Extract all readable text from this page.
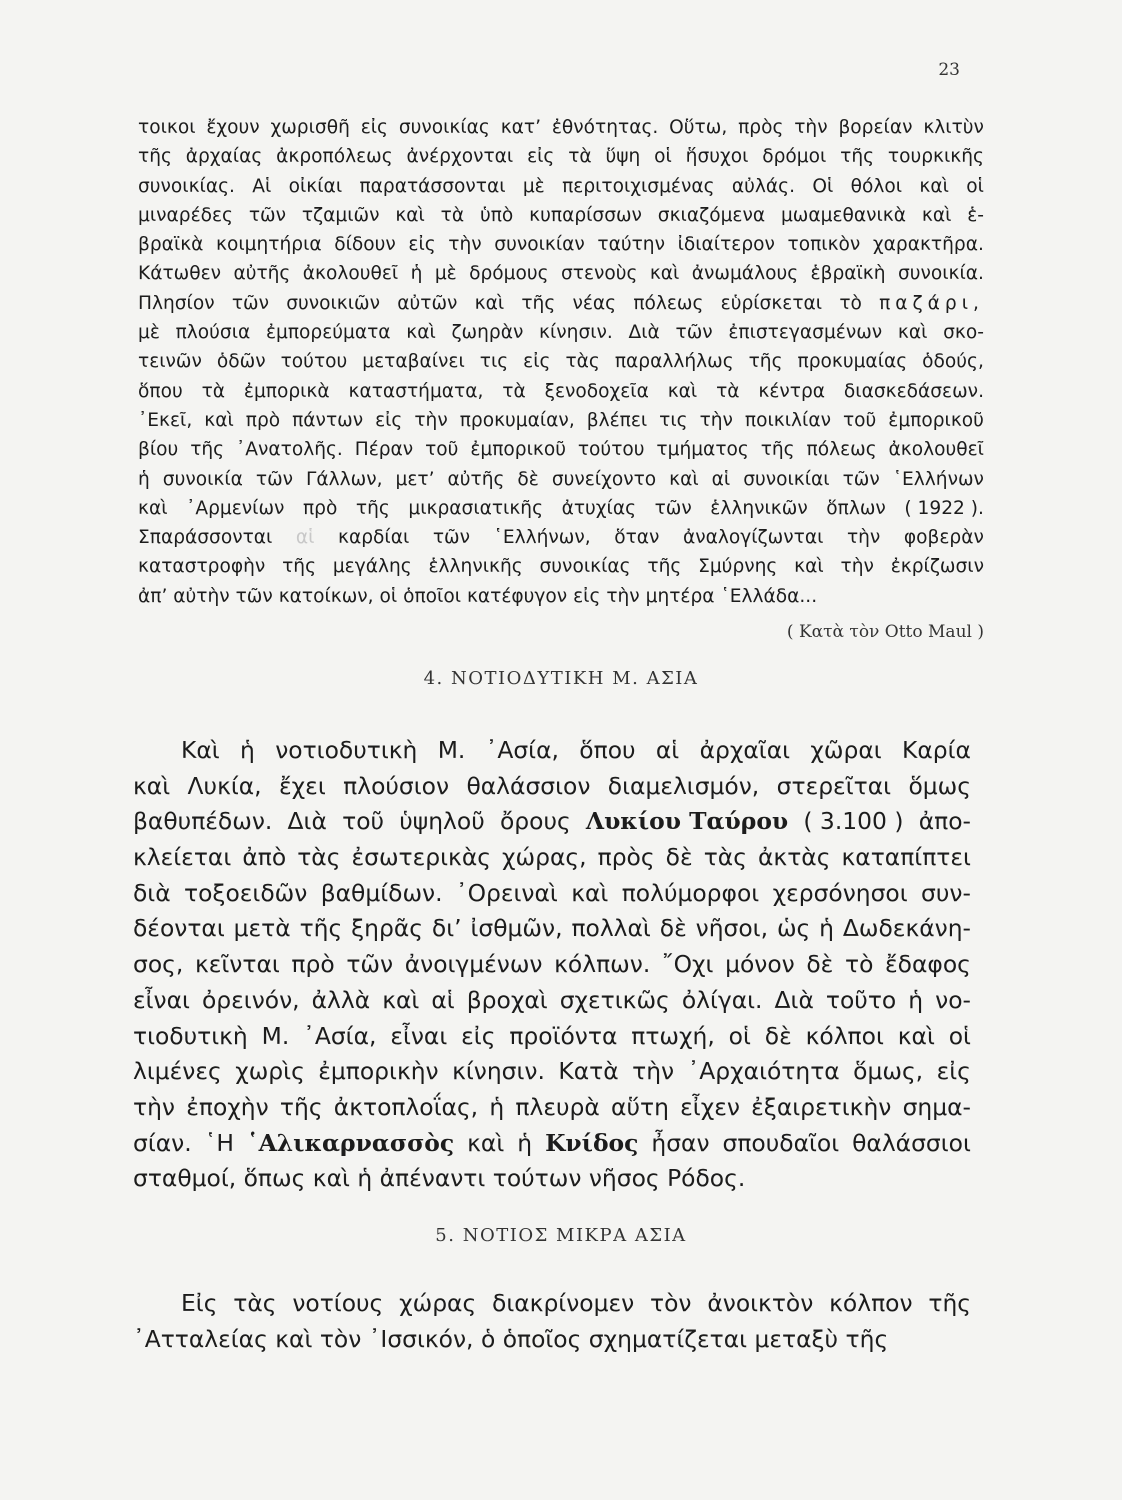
23
τοικοι ἔχουν χωρισθῆ εἰς συνοικίας κατ’ ἐθνότητας. Οὕτω, πρὸς τὴν βορείαν κλιτὺν
τῆς ἀρχαίας ἀκροπόλεως ἀνέρχονται εἰς τὰ ὕψη οἱ ἥσυχοι δρόμοι τῆς τουρκικῆς
συνοικίας. Αἱ οἰκίαι παρατάσσονται μὲ περιτοιχισμένας αὐλάς. Οἱ θόλοι καὶ οἱ
μιναρέδες τῶν τζαμιῶν καὶ τὰ ὑπὸ κυπαρίσσων σκιαζόμενα μωαμεθανικὰ καὶ ἑ-
βραϊκὰ κοιμητήρια δίδουν εἰς τὴν συνοικίαν ταύτην ἰδιαίτερον τοπικὸν χαρακτῆρα.
Κάτωθεν αὐτῆς ἀκολουθεῖ ἡ μὲ δρόμους στενοὺς καὶ ἀνωμάλους ἑβραϊκὴ συνοικία.
Πλησίον τῶν συνοικιῶν αὐτῶν καὶ τῆς νέας πόλεως εὑρίσκεται τὸ παζάρι,
μὲ πλούσια ἐμπορεύματα καὶ ζωηρὰν κίνησιν. Διὰ τῶν ἐπιστεγασμένων καὶ σκο-
τεινῶν ὁδῶν τούτου μεταβαίνει τις εἰς τὰς παραλλήλως τῆς προκυμαίας ὁδούς,
ὅπου τὰ ἐμπορικὰ καταστήματα, τὰ ξενοδοχεῖα καὶ τὰ κέντρα διασκεδάσεων.
᾿Εκεῖ, καὶ πρὸ πάντων εἰς τὴν προκυμαίαν, βλέπει τις τὴν ποικιλίαν τοῦ ἐμπορικοῦ
βίου τῆς ᾿Ανατολῆς. Πέραν τοῦ ἐμπορικοῦ τούτου τμήματος τῆς πόλεως ἀκολουθεῖ
ἡ συνοικία τῶν Γάλλων, μετ’ αὐτῆς δὲ συνείχοντο καὶ αἱ συνοικίαι τῶν ῾Ελλήνων
καὶ ᾿Αρμενίων πρὸ τῆς μικρασιατικῆς ἀτυχίας τῶν ἑλληνικῶν ὅπλων ( 1922 ).
Σπαράσσονται αἱ καρδίαι τῶν ῾Ελλήνων, ὅταν ἀναλογίζωνται τὴν φοβερὰν
καταστροφὴν τῆς μεγάλης ἑλληνικῆς συνοικίας τῆς Σμύρνης καὶ τὴν ἐκρίζωσιν
ἀπ’
αὐτὴν
τῶν
κατοίκων,
οἱ
ὁποῖοι
κατέφυγον
εἰς
τὴν
μητέρα
῾Ελλάδα...
( Κατὰ τὸν Otto Maul )
4. ΝΟΤΙΟΔΥΤΙΚΗ Μ. ΑΣΙΑ
Καὶ ἡ νοτιοδυτικὴ Μ. ᾿Ασία, ὅπου αἱ ἀρχαῖαι χῶραι Καρία
καὶ Λυκία, ἔχει πλούσιον θαλάσσιον διαμελισμόν, στερεῖται ὅμως
βαθυπέδων. Διὰ τοῦ ὑψηλοῦ ὄρους Λυκίου Ταύρου ( 3.100 ) ἀπο-
κλείεται ἀπὸ τὰς ἐσωτερικὰς χώρας, πρὸς δὲ τὰς ἀκτὰς καταπίπτει
διὰ τοξοειδῶν βαθμίδων. ᾿Ορειναὶ καὶ πολύμορφοι χερσόνησοι συν-
δέονται μετὰ τῆς ξηρᾶς δι’ ἰσθμῶν, πολλαὶ δὲ νῆσοι, ὡς ἡ Δωδεκάνη-
σος, κεῖνται πρὸ τῶν ἀνοιγμένων κόλπων. ῎Οχι μόνον δὲ τὸ ἔδαφος
εἶναι ὀρεινόν, ἀλλὰ καὶ αἱ βροχαὶ σχετικῶς ὀλίγαι. Διὰ τοῦτο ἡ νο-
τιοδυτικὴ Μ. ᾿Ασία, εἶναι εἰς προϊόντα πτωχή, οἱ δὲ κόλποι καὶ οἱ
λιμένες χωρὶς ἐμπορικὴν κίνησιν. Κατὰ τὴν ᾿Αρχαιότητα ὅμως, εἰς
τὴν ἐποχὴν τῆς ἀκτοπλοΐας, ἡ πλευρὰ αὕτη εἶχεν ἐξαιρετικὴν σημα-
σίαν. ῾Η ῾Αλικαρνασσὸς καὶ ἡ Κνίδος ἦσαν σπουδαῖοι θαλάσσιοι
σταθμοί,
ὅπως
καὶ
ἡ
ἀπέναντι
τούτων
νῆσος
Ρόδος.
5. ΝΟΤΙΟΣ ΜΙΚΡΑ ΑΣΙΑ
Εἰς τὰς νοτίους χώρας διακρίνομεν τὸν ἀνοικτὸν κόλπον τῆς
᾿Ατταλείας
καὶ
τὸν
᾿Ισσικόν,
ὁ
ὁποῖος
σχηματίζεται
μεταξὺ
τῆς
